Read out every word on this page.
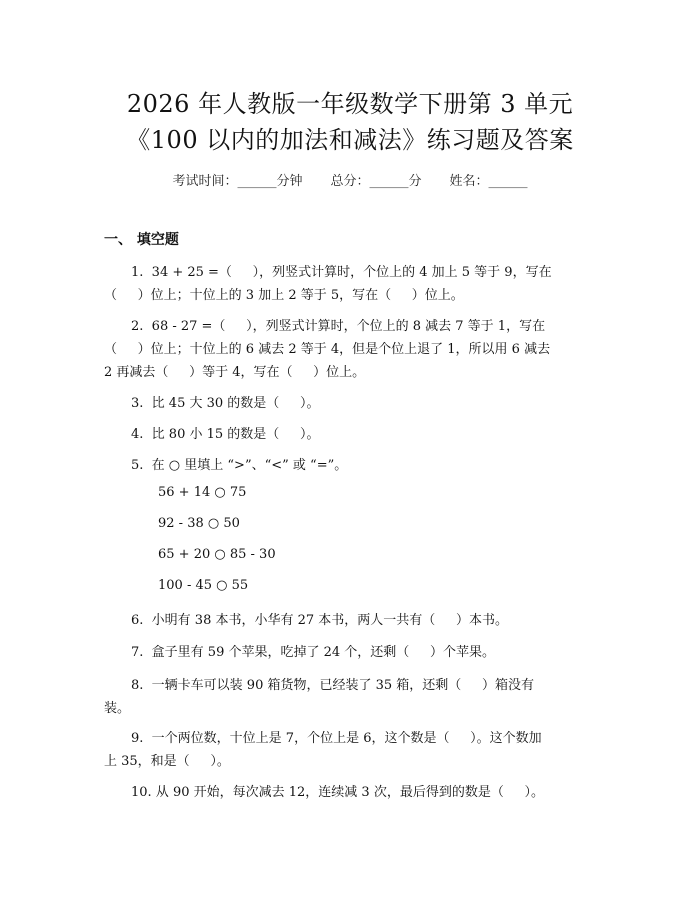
2026 年人教版一年级数学下册第 3 单元
《100 以内的加法和减法》练习题及答案
考试时间：______分钟 总分：______分 姓名：______
一、 填空题
1.  34 + 25 =（     ），列竖式计算时，个位上的 4 加上 5 等于 9，写在
（     ）位上；十位上的 3 加上 2 等于 5，写在（     ）位上。
2.  68 - 27 =（     ），列竖式计算时，个位上的 8 减去 7 等于 1，写在
（     ）位上；十位上的 6 减去 2 等于 4，但是个位上退了 1，所以用 6 减去
2 再减去（     ）等于 4，写在（     ）位上。
3.  比 45 大 30 的数是（     ）。
4.  比 80 小 15 的数是（     ）。
5.  在 ○ 里填上 “>”、“<” 或 “=”。
56 + 14 ○ 75
92 - 38 ○ 50
65 + 20 ○ 85 - 30
100 - 45 ○ 55
6.  小明有 38 本书，小华有 27 本书，两人一共有（     ）本书。
7.  盒子里有 59 个苹果，吃掉了 24 个，还剩（     ）个苹果。
8.  一辆卡车可以装 90 箱货物，已经装了 35 箱，还剩（     ）箱没有
装。
9.  一个两位数，十位上是 7，个位上是 6，这个数是（     ）。这个数加
上 35，和是（     ）。
10. 从 90 开始，每次减去 12，连续减 3 次，最后得到的数是（     ）。
